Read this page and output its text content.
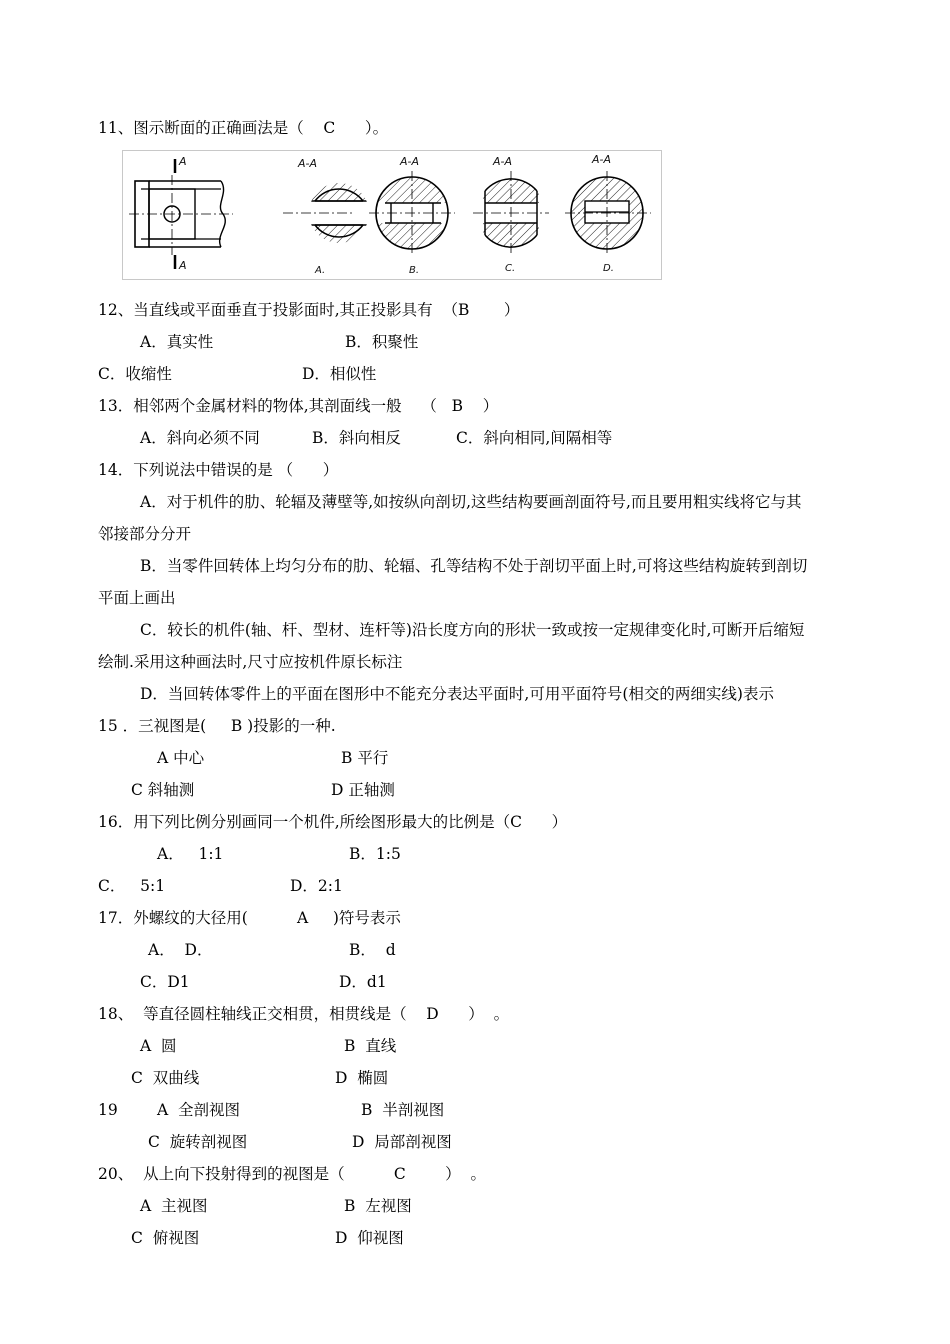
11、图示断面的正确画法是（    C      ）。
A
A
A-A
A.
A-A
B.
A-A
C.
A-A
D.
12、当直线或平面垂直于投影面时,其正投影具有  （B       ）
A．真实性	B．积聚性
C．收缩性	D．相似性
13．相邻两个金属材料的物体,其剖面线一般    （   B    ）
A．斜向必须不同	B．斜向相反	C．斜向相同,间隔相等
14．下列说法中错误的是 （      ）
A．对于机件的肋、轮辐及薄壁等,如按纵向剖切,这些结构要画剖面符号,而且要用粗实线将它与其
邻接部分分开
B．当零件回转体上均匀分布的肋、轮辐、孔等结构不处于剖切平面上时,可将这些结构旋转到剖切
平面上画出
C．较长的机件(轴、杆、型材、连杆等)沿长度方向的形状一致或按一定规律变化时,可断开后缩短
绘制.采用这种画法时,尺寸应按机件原长标注
D．当回转体零件上的平面在图形中不能充分表达平面时,可用平面符号(相交的两细实线)表示
15 ．三视图是(     B )投影的一种.
A 中心	B 平行
C 斜轴测	D 正轴测
16．用下列比例分别画同一个机件,所绘图形最大的比例是（C      ）
A．   1:1	B．1:5
C．   5:1	D．2:1
17．外螺纹的大径用(          A     )符号表示
A．  D．	B．  d
C．D1	D．d1
18、  等直径圆柱轴线正交相贯，相贯线是（    D      ）  。
A  圆	B  直线
C  双曲线	D  椭圆
19	A  全剖视图	B  半剖视图
C  旋转剖视图	D  局部剖视图
20、  从上向下投射得到的视图是（          C        ）  。
A  主视图	B  左视图
C  俯视图	D  仰视图
